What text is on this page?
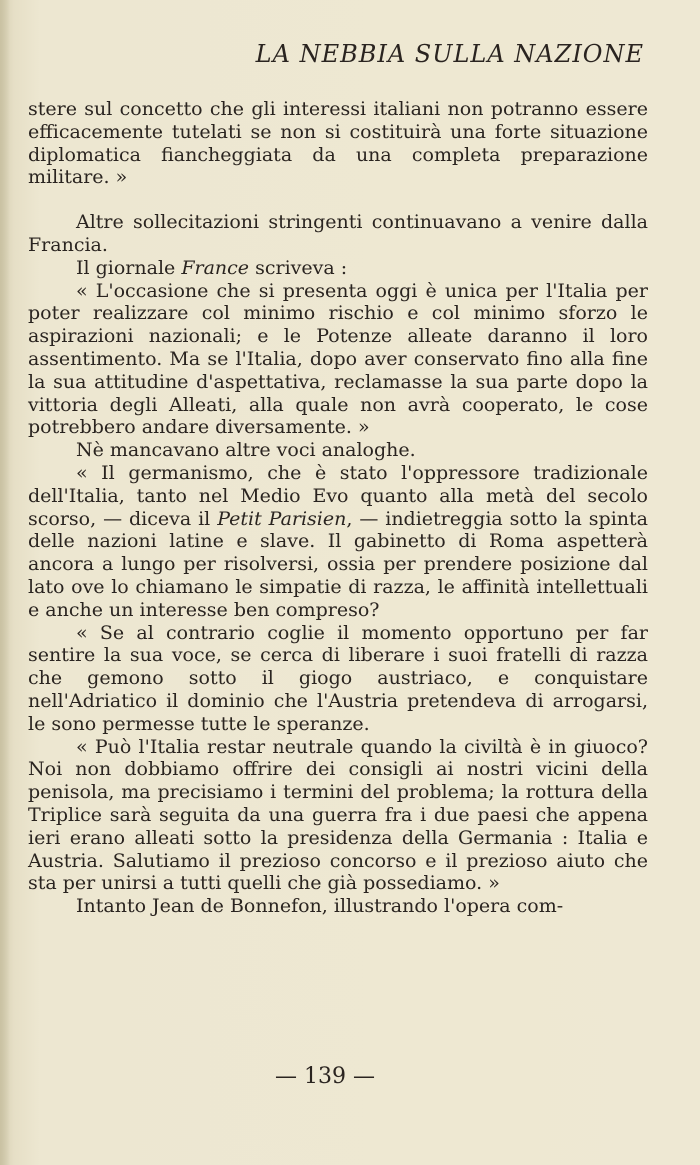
LA NEBBIA SULLA NAZIONE

stere sul concetto che gli interessi italiani non potranno essere efficacemente tutelati se non si costituirà una forte situazione diplomatica fiancheggiata da una completa preparazione militare. »

Altre sollecitazioni stringenti continuavano a venire dalla Francia.

Il giornale France scriveva :

« L'occasione che si presenta oggi è unica per l'Italia per poter realizzare col minimo rischio e col minimo sforzo le aspirazioni nazionali; e le Potenze alleate daranno il loro assentimento. Ma se l'Italia, dopo aver conservato fino alla fine la sua attitudine d'aspettativa, reclamasse la sua parte dopo la vittoria degli Alleati, alla quale non avrà cooperato, le cose potrebbero andare diversamente. »

Nè mancavano altre voci analoghe.

« Il germanismo, che è stato l'oppressore tradizionale dell'Italia, tanto nel Medio Evo quanto alla metà del secolo scorso, — diceva il Petit Parisien, — indietreggia sotto la spinta delle nazioni latine e slave. Il gabinetto di Roma aspetterà ancora a lungo per risolversi, ossia per prendere posizione dal lato ove lo chiamano le simpatie di razza, le affinità intellettuali e anche un interesse ben compreso?

« Se al contrario coglie il momento opportuno per far sentire la sua voce, se cerca di liberare i suoi fratelli di razza che gemono sotto il giogo austriaco, e conquistare nell'Adriatico il dominio che l'Austria pretendeva di arrogarsi, le sono permesse tutte le speranze.

« Può l'Italia restar neutrale quando la civiltà è in giuoco? Noi non dobbiamo offrire dei consigli ai nostri vicini della penisola, ma precisiamo i termini del problema; la rottura della Triplice sarà seguita da una guerra fra i due paesi che appena ieri erano alleati sotto la presidenza della Germania : Italia e Austria. Salutiamo il prezioso concorso e il prezioso aiuto che sta per unirsi a tutti quelli che già possediamo. »

Intanto Jean de Bonnefon, illustrando l'opera com-

— 139 —
